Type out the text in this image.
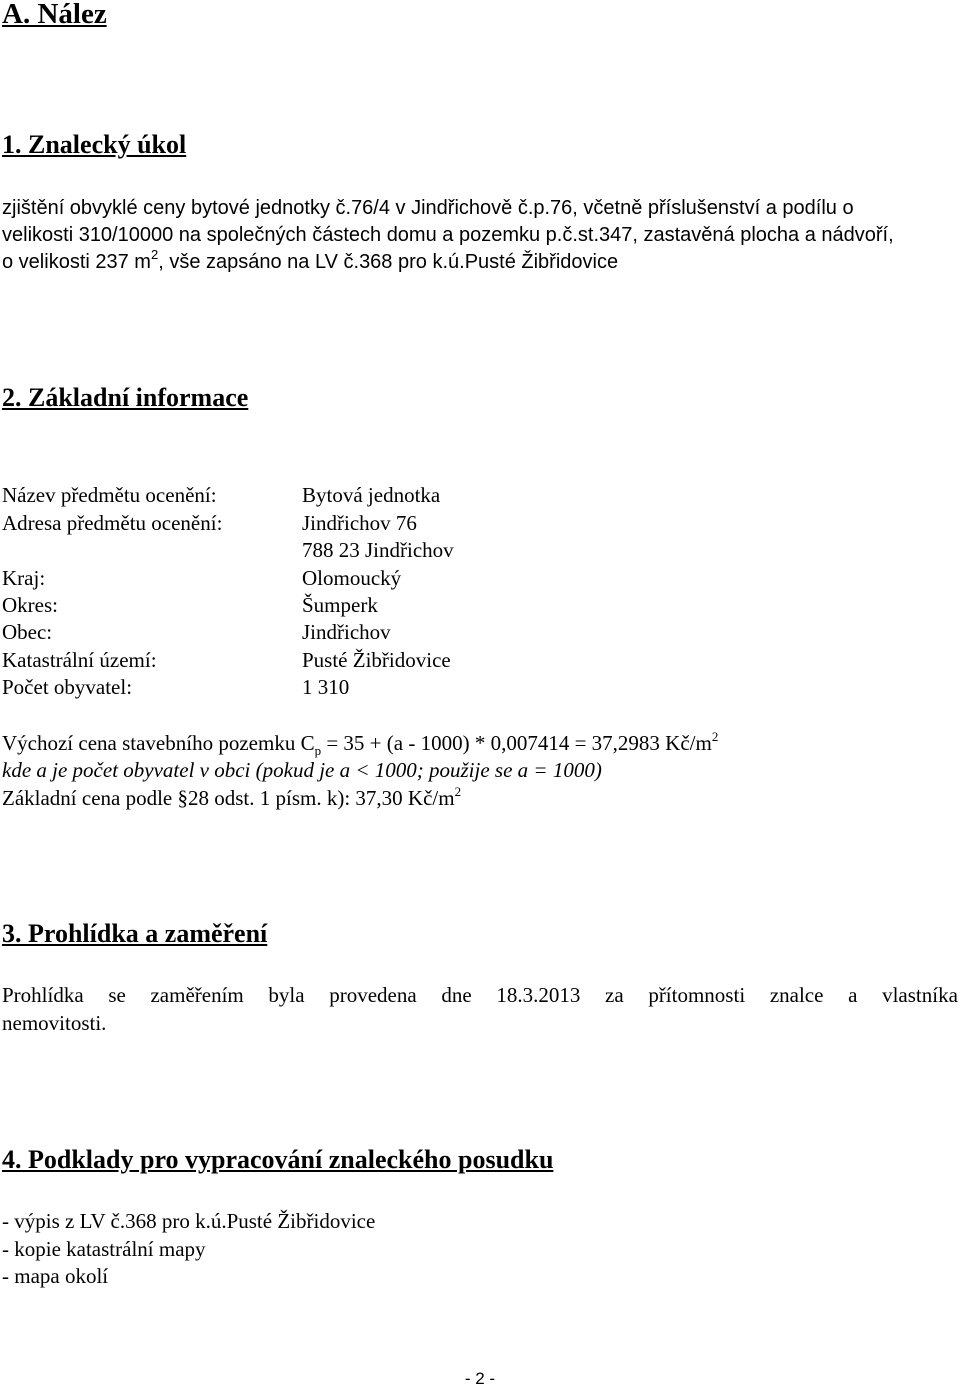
A. Nález
1. Znalecký úkol
zjištění obvyklé ceny bytové jednotky č.76/4 v Jindřichově č.p.76, včetně příslušenství a podílu o
velikosti 310/10000 na společných částech domu a pozemku p.č.st.347, zastavěná plocha a nádvoří,
o velikosti 237 $m^2$, vše zapsáno na LV č.368 pro k.ú.Pusté Žibřidovice
2. Základní informace
Název předmětu ocenění:	Bytová jednotka
Adresa předmětu ocenění:	Jindřichov 76
788 23 Jindřichov
Kraj:	Olomoucký
Okres:	Šumperk
Obec:	Jindřichov
Katastrální území:	Pusté Žibřidovice
Počet obyvatel:	1 310
Výchozí cena stavebního pozemku $C_p = 35 + (a - 1000) * 0,007414 = 37,2983$ $Kč/m^2$
kde a je počet obyvatel v obci (pokud je a < 1000; použije se a = 1000)
Základní cena podle §28 odst. 1 písm. k): 37,30 $Kč/m^2$
3. Prohlídka a zaměření
Prohlídka se zaměřením byla provedena dne 18.3.2013 za přítomnosti znalce a vlastníka
nemovitosti.
4. Podklady pro vypracování znaleckého posudku
- výpis z LV č.368 pro k.ú.Pusté Žibřidovice
- kopie katastrální mapy
- mapa okolí
- 2 -
